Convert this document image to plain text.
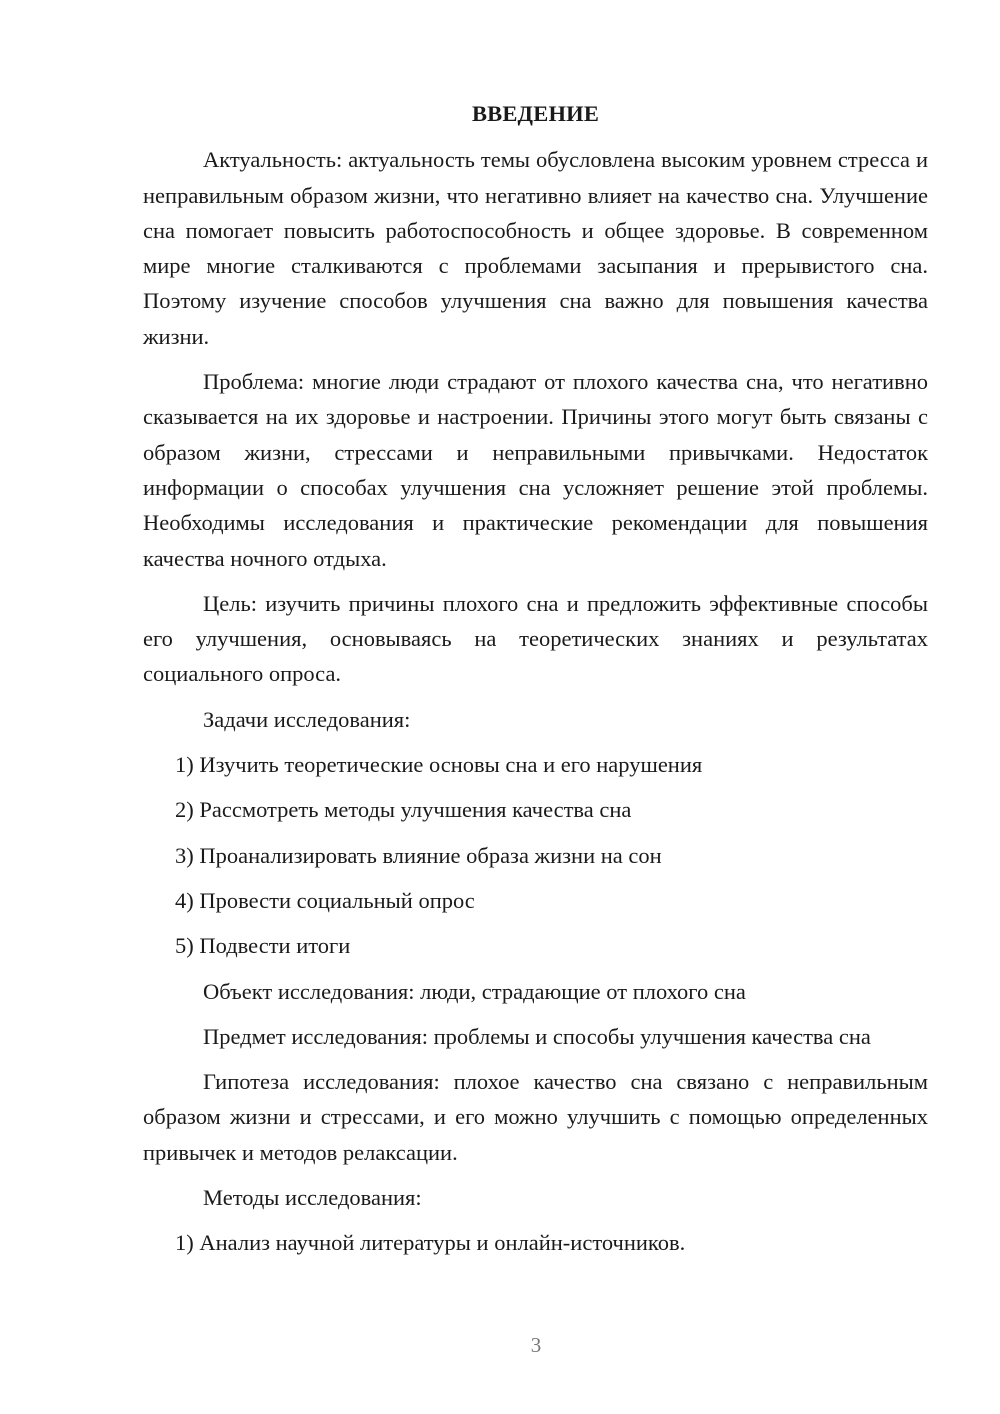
ВВЕДЕНИЕ

Актуальность: актуальность темы обусловлена высоким уровнем стресса и неправильным образом жизни, что негативно влияет на качество сна. Улучшение сна помогает повысить работоспособность и общее здоровье. В современном мире многие сталкиваются с проблемами засыпания и прерывистого сна. Поэтому изучение способов улучшения сна важно для повышения качества жизни.

Проблема: многие люди страдают от плохого качества сна, что негативно сказывается на их здоровье и настроении. Причины этого могут быть связаны с образом жизни, стрессами и неправильными привычками. Недостаток информации о способах улучшения сна усложняет решение этой проблемы. Необходимы исследования и практические рекомендации для повышения качества ночного отдыха.

Цель: изучить причины плохого сна и предложить эффективные способы его улучшения, основываясь на теоретических знаниях и результатах социального опроса.

Задачи исследования:

1) Изучить теоретические основы сна и его нарушения

2) Рассмотреть методы улучшения качества сна

3) Проанализировать влияние образа жизни на сон

4) Провести социальный опрос

5) Подвести итоги

Объект исследования: люди, страдающие от плохого сна

Предмет исследования: проблемы и способы улучшения качества сна

Гипотеза исследования: плохое качество сна связано с неправильным образом жизни и стрессами, и его можно улучшить с помощью определенных привычек и методов релаксации.

Методы исследования:

1) Анализ научной литературы и онлайн-источников.

3
